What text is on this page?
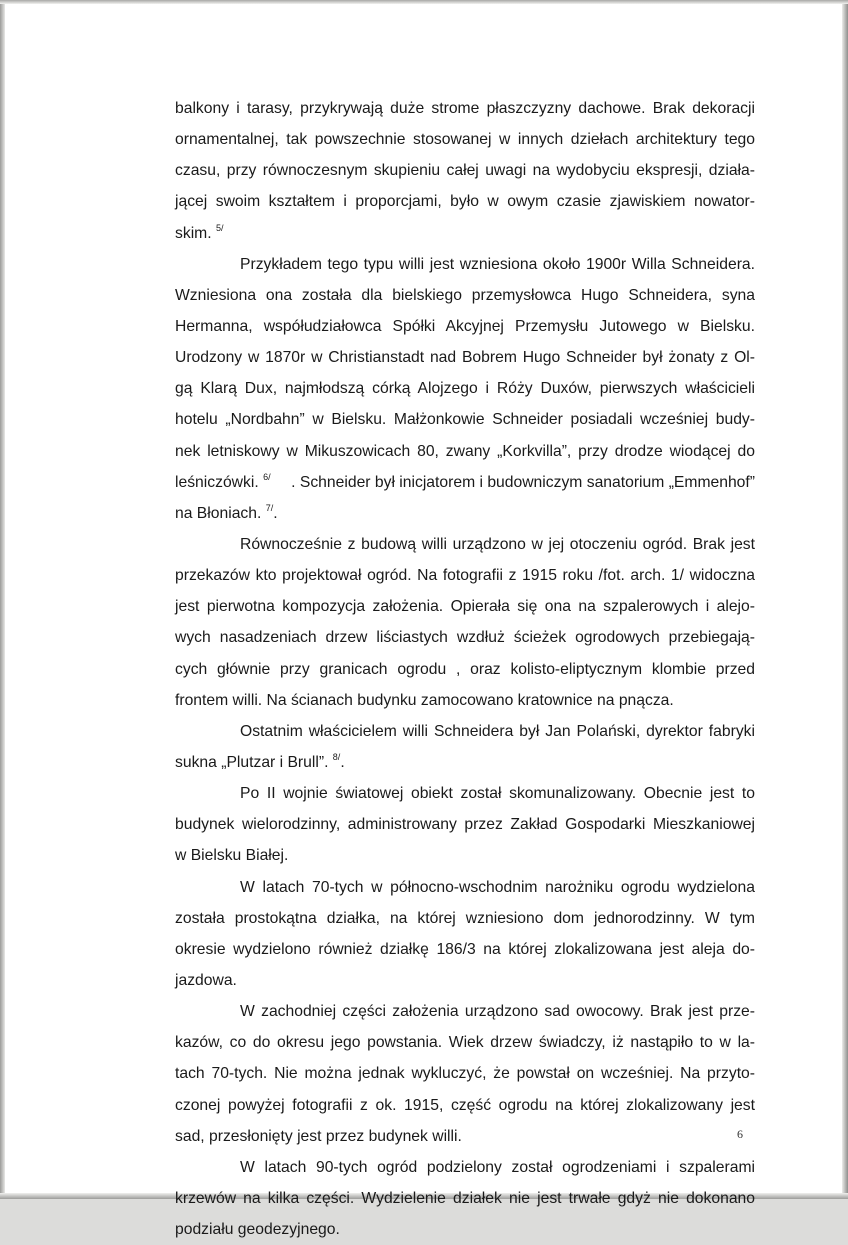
balkony i tarasy, przykrywają duże strome płaszczyzny dachowe. Brak dekoracji
ornamentalnej, tak powszechnie stosowanej w innych dziełach architektury tego
czasu, przy równoczesnym skupieniu całej uwagi na wydobyciu ekspresji, działa-
jącej swoim kształtem i proporcjami, było w owym czasie zjawiskiem nowator-
skim. $^{5/}$
Przykładem tego typu willi jest wzniesiona około 1900r Willa Schneidera.
Wzniesiona ona została dla bielskiego przemysłowca Hugo Schneidera, syna
Hermanna, współudziałowca Spółki Akcyjnej Przemysłu Jutowego w Bielsku.
Urodzony w 1870r w Christianstadt nad Bobrem Hugo Schneider był żonaty z Ol-
gą Klarą Dux, najmłodszą córką Alojzego i Róży Duxów, pierwszych właścicieli
hotelu „Nordbahn” w Bielsku. Małżonkowie Schneider posiadali wcześniej budy-
nek letniskowy w Mikuszowicach 80, zwany „Korkvilla”, przy drodze wiodącej do
leśniczówki. $^{6/}$ . Schneider był inicjatorem i budowniczym sanatorium „Emmenhof”
na Błoniach. $^{7/}$.
Równocześnie z budową willi urządzono w jej otoczeniu ogród. Brak jest
przekazów kto projektował ogród. Na fotografii z 1915 roku /fot. arch. 1/ widoczna
jest pierwotna kompozycja założenia. Opierała się ona na szpalerowych i alejo-
wych nasadzeniach drzew liściastych wzdłuż ścieżek ogrodowych przebiegają-
cych głównie przy granicach ogrodu , oraz kolisto-eliptycznym klombie przed
frontem willi. Na ścianach budynku zamocowano kratownice na pnącza.
Ostatnim właścicielem willi Schneidera był Jan Polański, dyrektor fabryki
sukna „Plutzar i Brull”. $^{8/}$.
Po II wojnie światowej obiekt został skomunalizowany. Obecnie jest to
budynek wielorodzinny, administrowany przez Zakład Gospodarki Mieszkaniowej
w Bielsku Białej.
W latach 70-tych w północno-wschodnim narożniku ogrodu wydzielona
została prostokątna działka, na której wzniesiono dom jednorodzinny. W tym
okresie wydzielono również działkę 186/3 na której zlokalizowana jest aleja do-
jazdowa.
W zachodniej części założenia urządzono sad owocowy. Brak jest prze-
kazów, co do okresu jego powstania. Wiek drzew świadczy, iż nastąpiło to w la-
tach 70-tych. Nie można jednak wykluczyć, że powstał on wcześniej. Na przyto-
czonej powyżej fotografii z ok. 1915, część ogrodu na której zlokalizowany jest
sad, przesłonięty jest przez budynek willi.
W latach 90-tych ogród podzielony został ogrodzeniami i szpalerami
krzewów na kilka części. Wydzielenie działek nie jest trwałe gdyż nie dokonano
podziału geodezyjnego.
6
